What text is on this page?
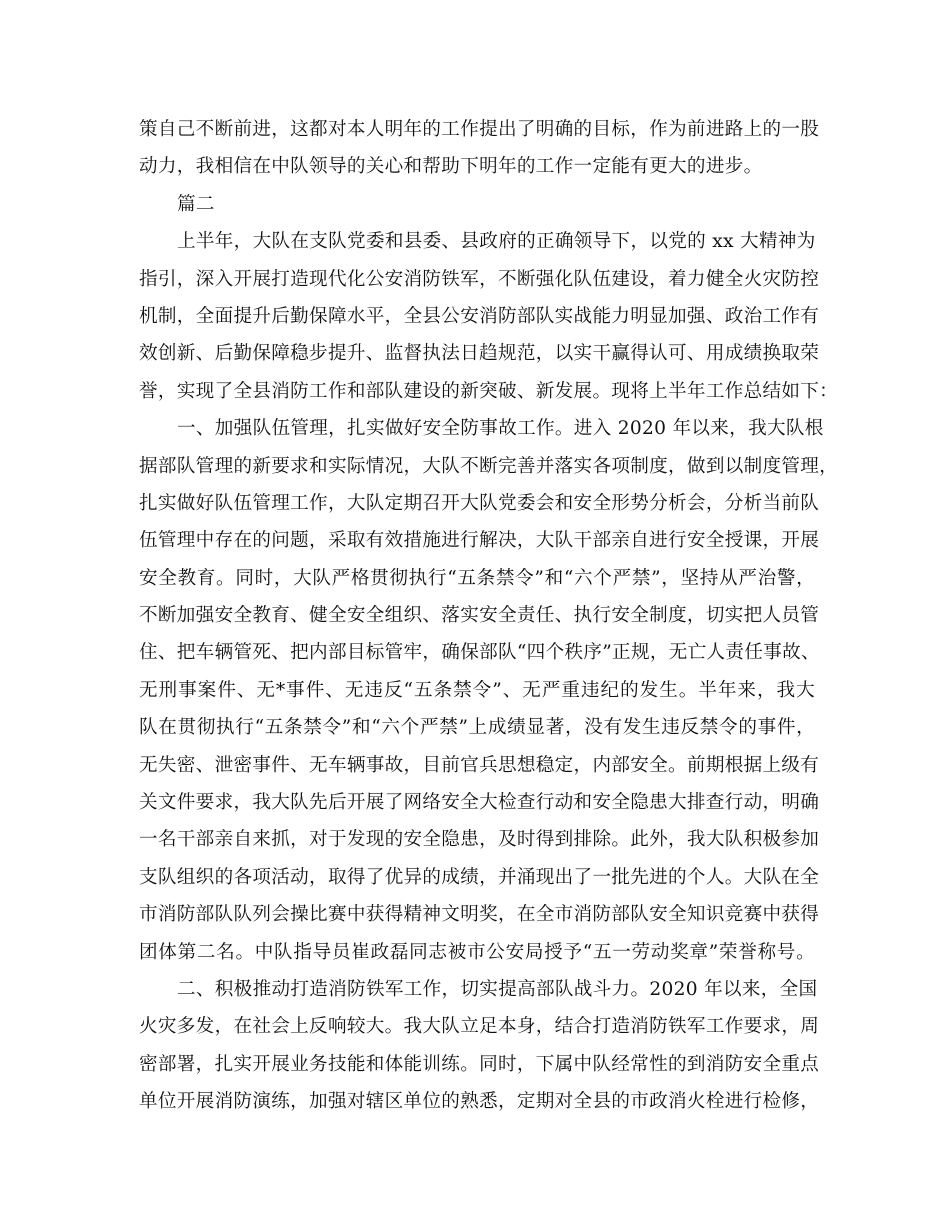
策自己不断前进，这都对本人明年的工作提出了明确的目标，作为前进路上的一股
动力，我相信在中队领导的关心和帮助下明年的工作一定能有更大的进步。
篇二
上半年，大队在支队党委和县委、县政府的正确领导下，以党的 xx 大精神为
指引，深入开展打造现代化公安消防铁军，不断强化队伍建设，着力健全火灾防控
机制，全面提升后勤保障水平，全县公安消防部队实战能力明显加强、政治工作有
效创新、后勤保障稳步提升、监督执法日趋规范，以实干赢得认可、用成绩换取荣
誉，实现了全县消防工作和部队建设的新突破、新发展。现将上半年工作总结如下：
一、加强队伍管理，扎实做好安全防事故工作。进入 2020 年以来，我大队根
据部队管理的新要求和实际情况，大队不断完善并落实各项制度，做到以制度管理，
扎实做好队伍管理工作，大队定期召开大队党委会和安全形势分析会，分析当前队
伍管理中存在的问题，采取有效措施进行解决，大队干部亲自进行安全授课，开展
安全教育。同时，大队严格贯彻执行“五条禁令”和“六个严禁”，坚持从严治警，
不断加强安全教育、健全安全组织、落实安全责任、执行安全制度，切实把人员管
住、把车辆管死、把内部目标管牢，确保部队“四个秩序”正规，无亡人责任事故、
无刑事案件、无*事件、无违反“五条禁令”、无严重违纪的发生。半年来，我大
队在贯彻执行“五条禁令”和“六个严禁”上成绩显著，没有发生违反禁令的事件，
无失密、泄密事件、无车辆事故，目前官兵思想稳定，内部安全。前期根据上级有
关文件要求，我大队先后开展了网络安全大检查行动和安全隐患大排查行动，明确
一名干部亲自来抓，对于发现的安全隐患，及时得到排除。此外，我大队积极参加
支队组织的各项活动，取得了优异的成绩，并涌现出了一批先进的个人。大队在全
市消防部队队列会操比赛中获得精神文明奖，在全市消防部队安全知识竞赛中获得
团体第二名。中队指导员崔政磊同志被市公安局授予“五一劳动奖章”荣誉称号。
二、积极推动打造消防铁军工作，切实提高部队战斗力。2020 年以来，全国
火灾多发，在社会上反响较大。我大队立足本身，结合打造消防铁军工作要求，周
密部署，扎实开展业务技能和体能训练。同时，下属中队经常性的到消防安全重点
单位开展消防演练，加强对辖区单位的熟悉，定期对全县的市政消火栓进行检修，
